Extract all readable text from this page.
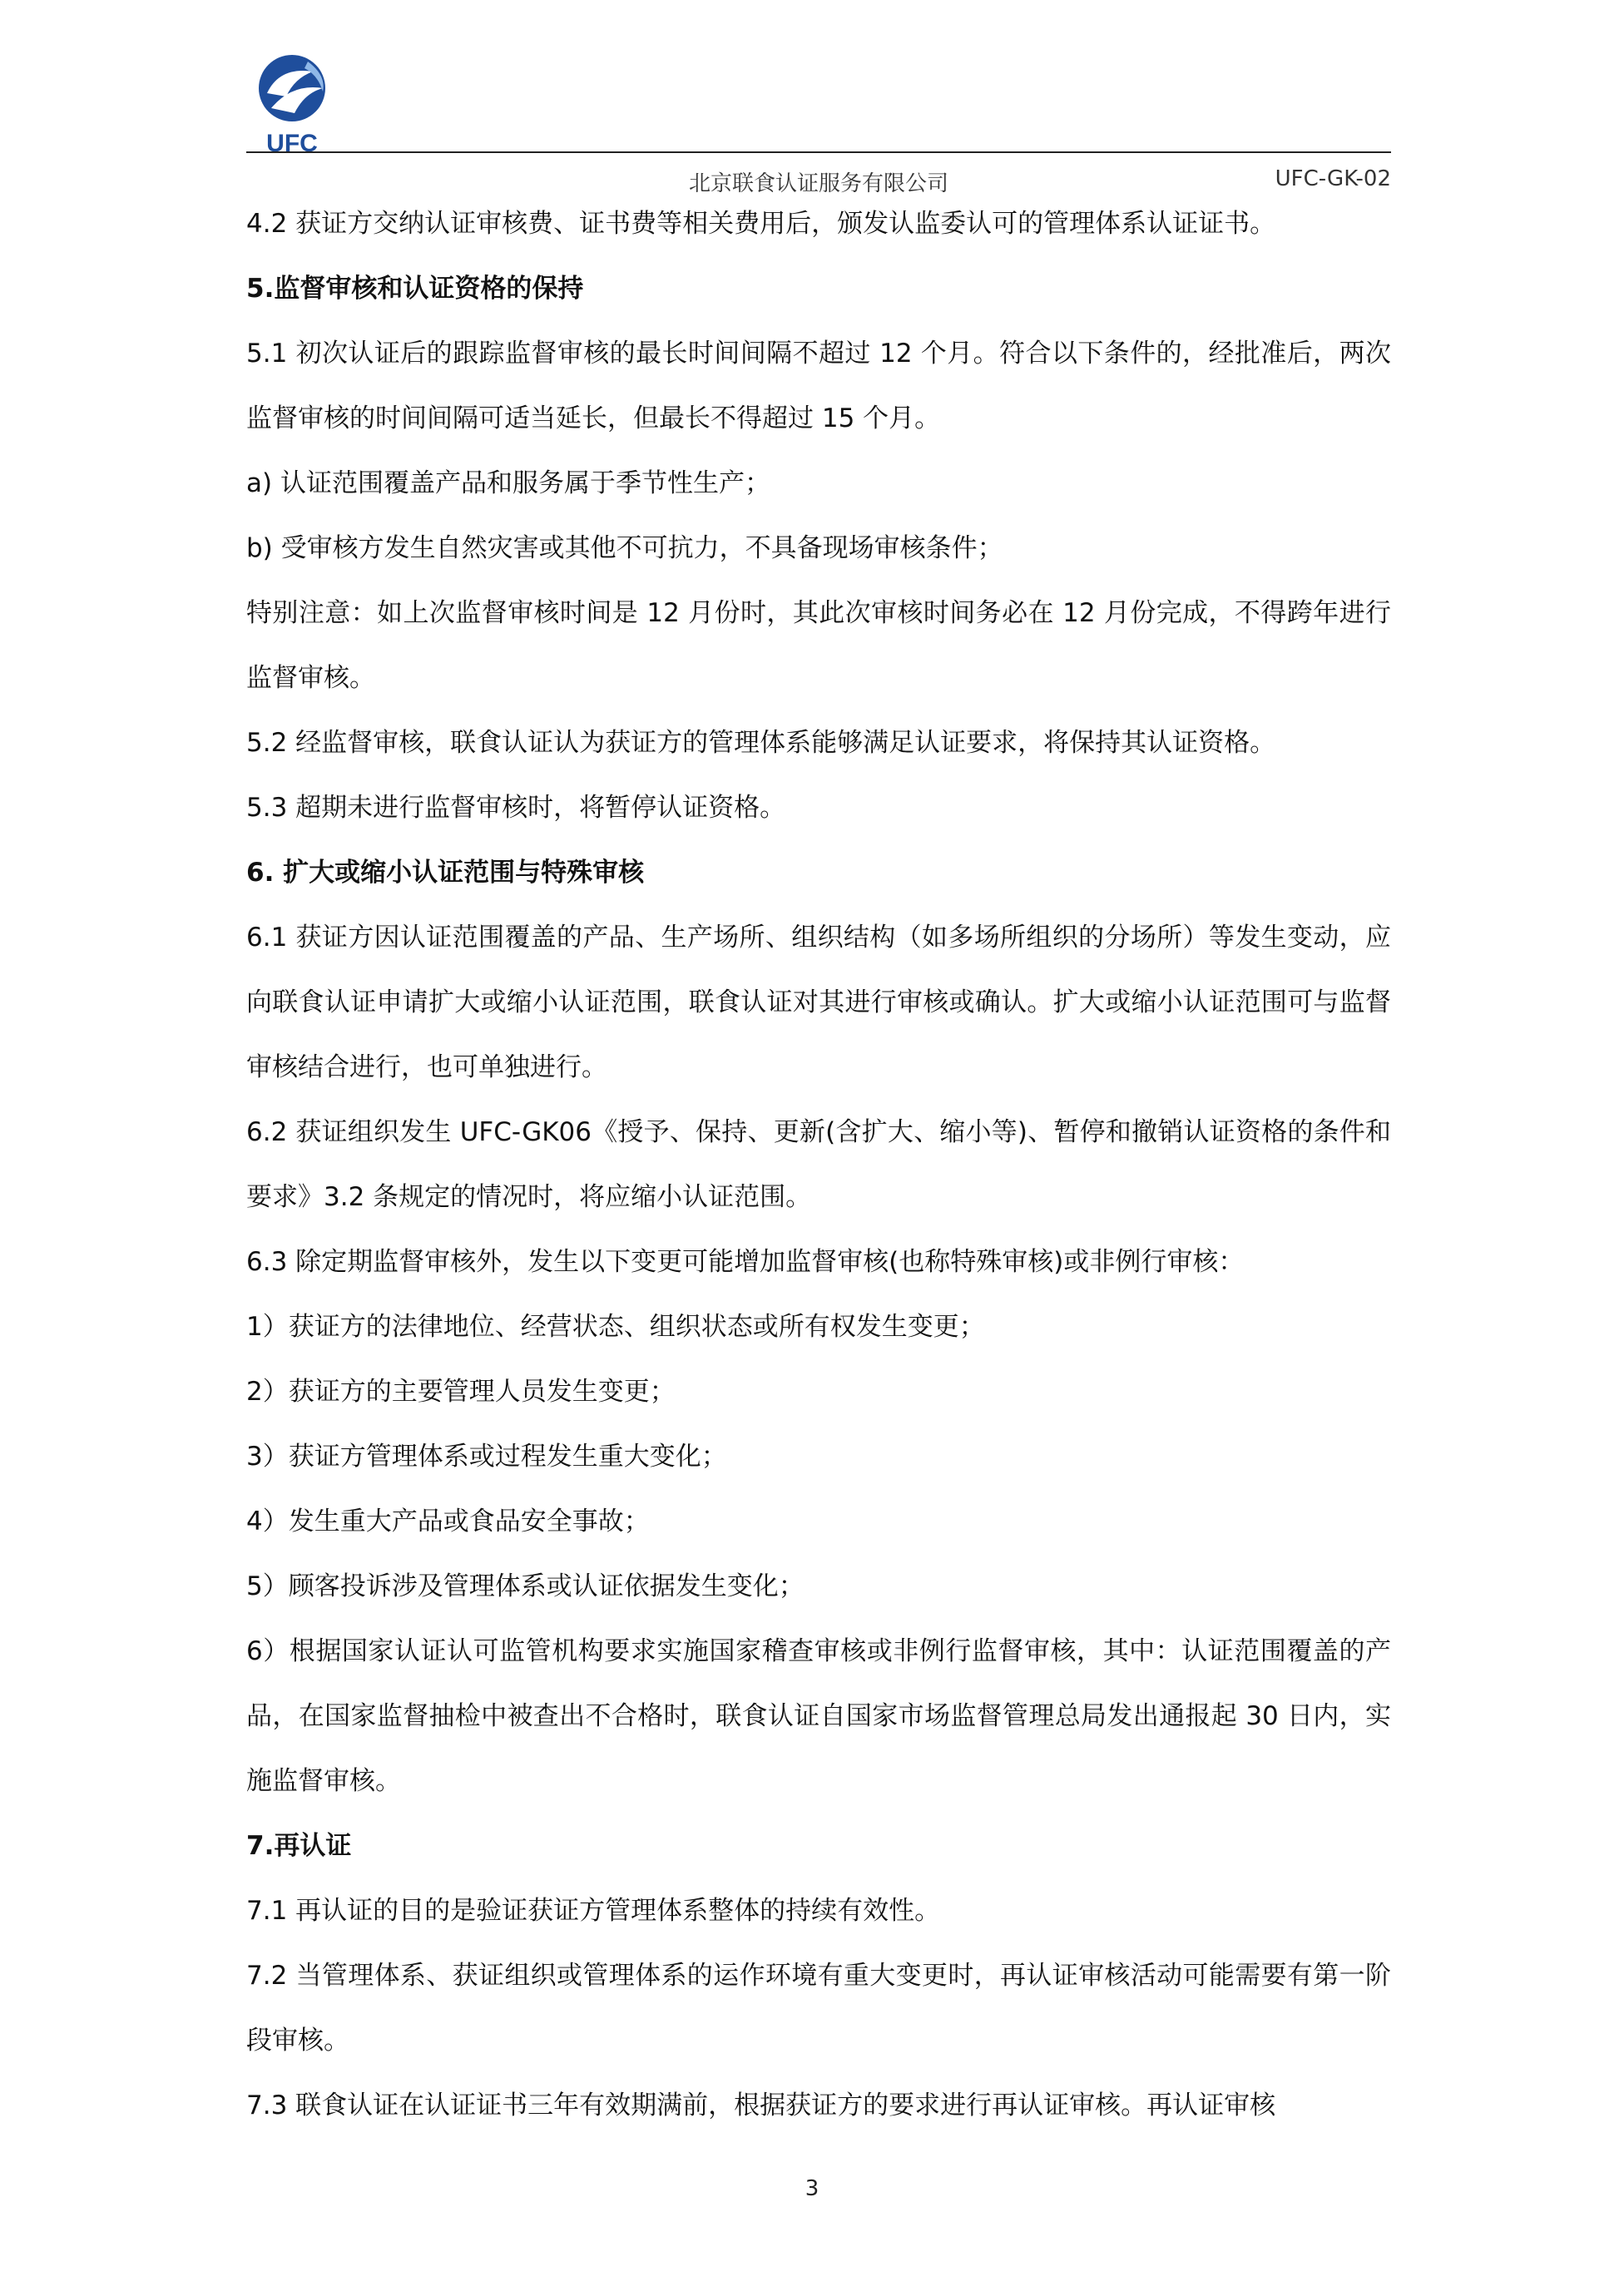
UFC
北京联食认证服务有限公司	UFC-GK-02

4.2 获证方交纳认证审核费、证书费等相关费用后，颁发认监委认可的管理体系认证证书。

5.监督审核和认证资格的保持

5.1 初次认证后的跟踪监督审核的最长时间间隔不超过 12 个月。符合以下条件的，经批准后，两次监督审核的时间间隔可适当延长，但最长不得超过 15 个月。

a) 认证范围覆盖产品和服务属于季节性生产；

b) 受审核方发生自然灾害或其他不可抗力，不具备现场审核条件；

特别注意：如上次监督审核时间是 12 月份时，其此次审核时间务必在 12 月份完成，不得跨年进行监督审核。

5.2 经监督审核，联食认证认为获证方的管理体系能够满足认证要求，将保持其认证资格。

5.3 超期未进行监督审核时，将暂停认证资格。

6. 扩大或缩小认证范围与特殊审核

6.1 获证方因认证范围覆盖的产品、生产场所、组织结构（如多场所组织的分场所）等发生变动，应向联食认证申请扩大或缩小认证范围，联食认证对其进行审核或确认。扩大或缩小认证范围可与监督审核结合进行，也可单独进行。

6.2 获证组织发生 UFC-GK06《授予、保持、更新(含扩大、缩小等)、暂停和撤销认证资格的条件和要求》3.2 条规定的情况时，将应缩小认证范围。

6.3 除定期监督审核外，发生以下变更可能增加监督审核(也称特殊审核)或非例行审核：

1）获证方的法律地位、经营状态、组织状态或所有权发生变更；

2）获证方的主要管理人员发生变更；

3）获证方管理体系或过程发生重大变化；

4）发生重大产品或食品安全事故；

5）顾客投诉涉及管理体系或认证依据发生变化；

6）根据国家认证认可监管机构要求实施国家稽查审核或非例行监督审核，其中：认证范围覆盖的产品，在国家监督抽检中被查出不合格时，联食认证自国家市场监督管理总局发出通报起 30 日内，实施监督审核。

7.再认证

7.1 再认证的目的是验证获证方管理体系整体的持续有效性。

7.2 当管理体系、获证组织或管理体系的运作环境有重大变更时，再认证审核活动可能需要有第一阶段审核。

7.3 联食认证在认证证书三年有效期满前，根据获证方的要求进行再认证审核。再认证审核

3
